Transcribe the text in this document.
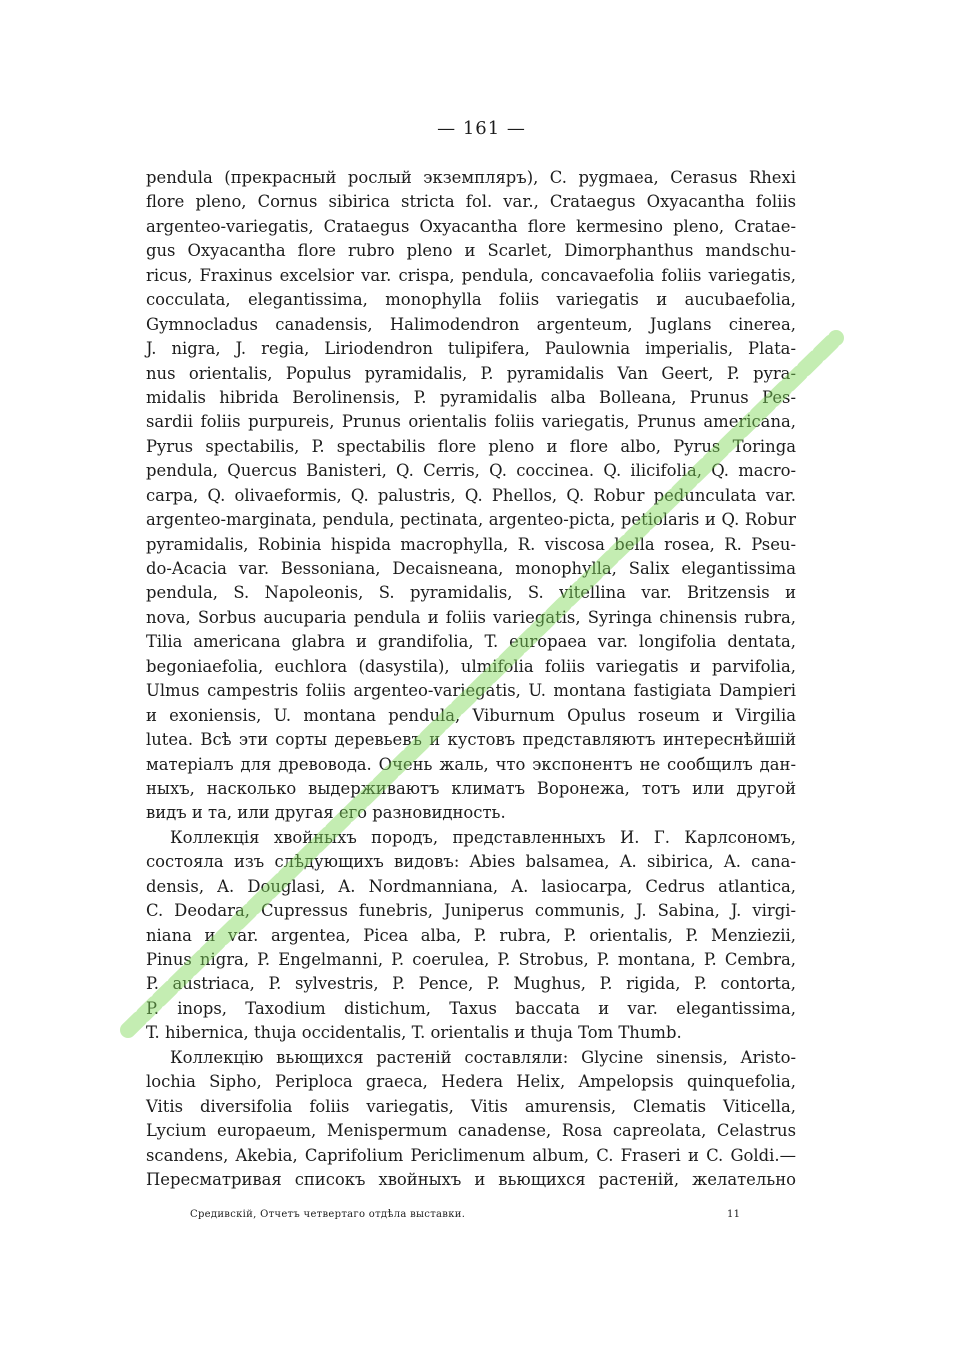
— 161 —
pendula (прекрасный рослый экземпляръ), C. pygmaea, Cerasus Rhexi
flore pleno, Cornus sibirica stricta fol. var., Crataegus Oxyacantha foliis
argenteo-variegatis, Crataegus Oxyacantha flore kermesino pleno, Cratae-
gus Oxyacantha flore rubro pleno и Scarlet, Dimorphanthus mandschu-
ricus, Fraxinus excelsior var. crispa, pendula, concavaefolia foliis variegatis,
cocculata, elegantissima, monophylla foliis variegatis и aucubaefolia,
Gymnocladus canadensis, Halimodendron argenteum, Juglans cinerea,
J. nigra, J. regia, Liriodendron tulipifera, Paulownia imperialis, Plata-
nus orientalis, Populus pyramidalis, P. pyramidalis Van Geert, P. pyra-
midalis hibrida Berolinensis, P. pyramidalis alba Bolleana, Prunus Pes-
sardii foliis purpureis, Prunus orientalis foliis variegatis, Prunus americana,
Pyrus spectabilis, P. spectabilis flore pleno и flore albo, Pyrus Toringa
pendula, Quercus Banisteri, Q. Cerris, Q. coccinea. Q. ilicifolia, Q. macro-
carpa, Q. olivaeformis, Q. palustris, Q. Phellos, Q. Robur pedunculata var.
argenteo-marginata, pendula, pectinata, argenteo-picta, petiolaris и Q. Robur
pyramidalis, Robinia hispida macrophylla, R. viscosa bella rosea, R. Pseu-
do-Acacia var. Bessoniana, Decaisneana, monophylla, Salix elegantissima
pendula, S. Napoleonis, S. pyramidalis, S. vitellina var. Britzensis и
nova, Sorbus aucuparia pendula и foliis variegatis, Syringa chinensis rubra,
Tilia americana glabra и grandifolia, T. europaea var. longifolia dentata,
begoniaefolia, euchlora (dasystila), ulmifolia foliis variegatis и parvifolia,
Ulmus campestris foliis argenteo-variegatis, U. montana fastigiata Dampieri
и exoniensis, U. montana pendula, Viburnum Opulus roseum и Virgilia
lutea. Всѣ эти сорты деревьевъ и кустовъ представляютъ интереснѣйшій
матеріалъ для древовода. Очень жаль, что экспонентъ не сообщилъ дан-
ныхъ, насколько выдерживаютъ климатъ Воронежа, тотъ или другой
видъ и та, или другая его разновидность.
Коллекція хвойныхъ породъ, представленныхъ И. Г. Карлсономъ,
состояла изъ слѣдующихъ видовъ: Abies balsamea, A. sibirica, A. cana-
densis, A. Douglasi, A. Nordmanniana, A. lasiocarpa, Cedrus atlantica,
C. Deodara, Cupressus funebris, Juniperus communis, J. Sabina, J. virgi-
niana и var. argentea, Picea alba, P. rubra, P. orientalis, P. Menziezii,
Pinus nigra, P. Engelmanni, P. coerulea, P. Strobus, P. montana, P. Cembra,
P. austriaca, P. sylvestris, P. Pence, P. Mughus, P. rigida, P. contorta,
P. inops, Taxodium distichum, Taxus baccata и var. elegantissima,
T. hibernica, thuja occidentalis, T. orientalis и thuja Tom Thumb.
Коллекцію вьющихся растеній составляли: Glycine sinensis, Aristo-
lochia Sipho, Periploca graeca, Hedera Helix, Ampelopsis quinquefolia,
Vitis diversifolia foliis variegatis, Vitis amurensis, Clematis Viticella,
Lycium europaeum, Menispermum canadense, Rosa capreolata, Celastrus
scandens, Akebia, Caprifolium Periclimenum album, C. Fraseri и C. Goldi.—
Пересматривая списокъ хвойныхъ и вьющихся растеній, желательно
Средивскій, Отчетъ четвертаго отдѣла выставки.	11
